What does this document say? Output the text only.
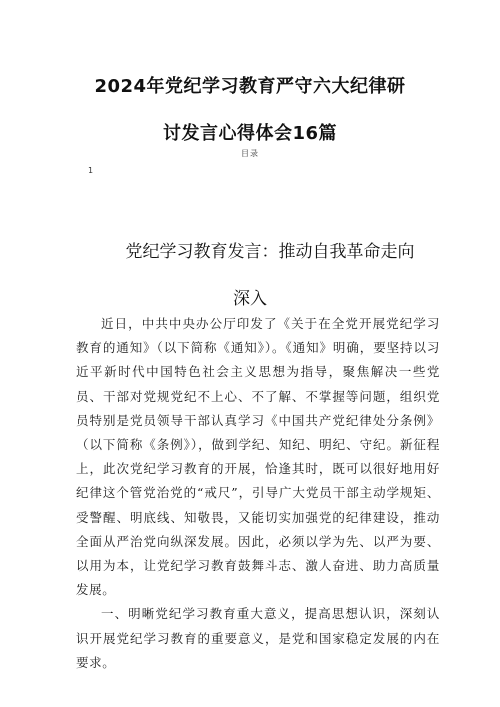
2024年党纪学习教育严守六大纪律研
讨发言心得体会16篇
目录
1
党纪学习教育发言：推动自我革命走向
深入

近日，中共中央办公厅印发了《关于在全党开展党纪学习教育的通知》（以下简称《通知》）。《通知》明确，要坚持以习近平新时代中国特色社会主义思想为指导，聚焦解决一些党员、干部对党规党纪不上心、不了解、不掌握等问题，组织党员特别是党员领导干部认真学习《中国共产党纪律处分条例》（以下简称《条例》），做到学纪、知纪、明纪、守纪。新征程上，此次党纪学习教育的开展，恰逢其时，既可以很好地用好纪律这个管党治党的“戒尺”，引导广大党员干部主动学规矩、受警醒、明底线、知敬畏，又能切实加强党的纪律建设，推动全面从严治党向纵深发展。因此，必须以学为先、以严为要、以用为本，让党纪学习教育鼓舞斗志、激人奋进、助力高质量发展。

一、明晰党纪学习教育重大意义，提高思想认识，深刻认识开展党纪学习教育的重要意义，是党和国家稳定发展的内在要求。
